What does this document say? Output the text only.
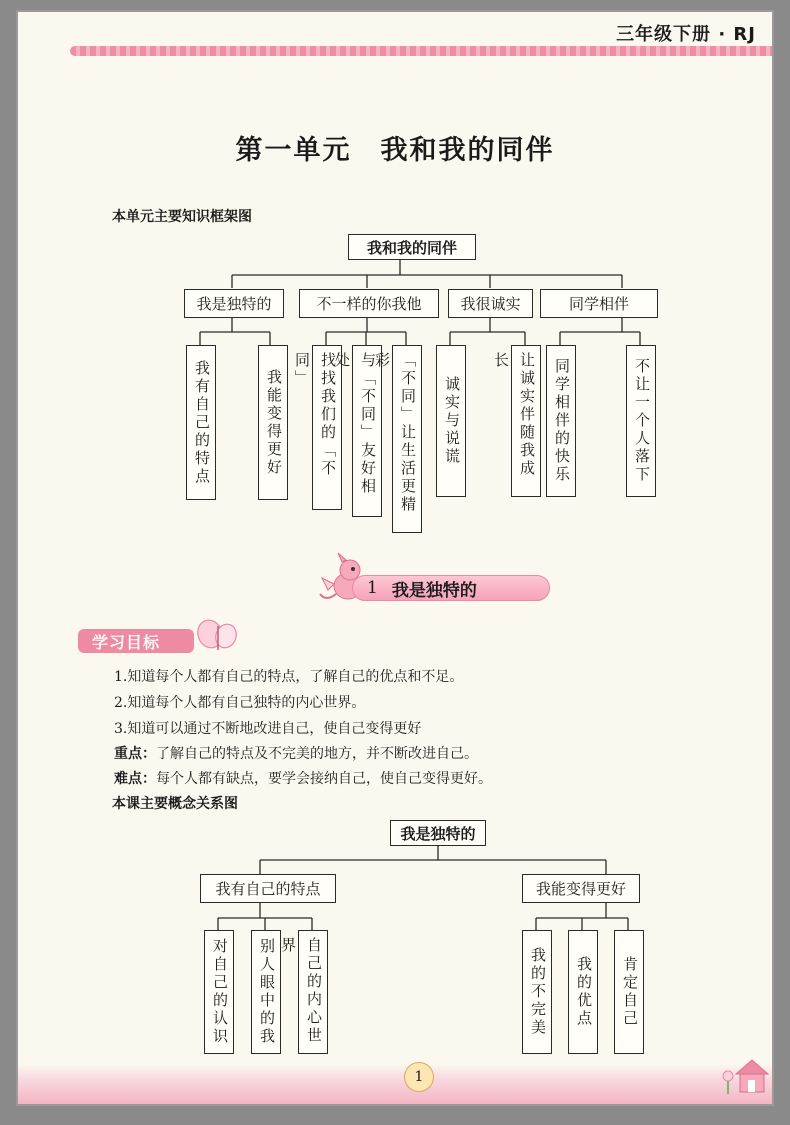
三年级下册 · RJ
第一单元　我和我的同伴
本单元主要知识框架图
我和我的同伴
我是独特的	不一样的你我他	我很诚实	同学相伴
我有自己的特点	我能变得更好	找找我们的「不同」	与「不同」友好相处	「不同」让生活更精彩
诚实与说谎	让诚实伴随我成长	同学相伴的快乐	不让一个人落下
1 我是独特的
学习目标
1.知道每个人都有自己的特点，了解自己的优点和不足。
2.知道每个人都有自己独特的内心世界。
3.知道可以通过不断地改进自己，使自己变得更好
重点：了解自己的特点及不完美的地方，并不断改进自己。
难点：每个人都有缺点，要学会接纳自己，使自己变得更好。
本课主要概念关系图
我是独特的
我有自己的特点	我能变得更好
对自己的认识 别人眼中的我	自己的内心世界
我的不完美 我的优点 肯定自己
1
